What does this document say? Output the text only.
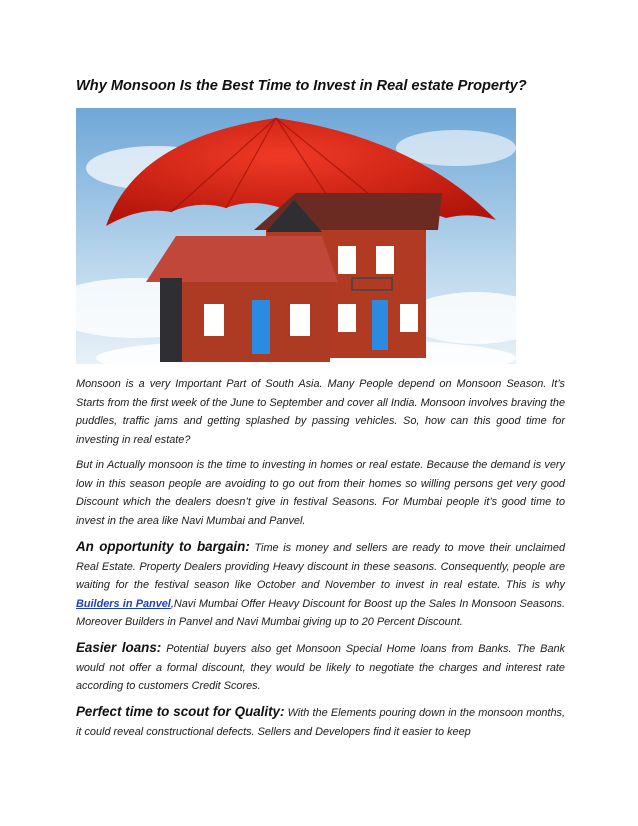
Why Monsoon Is the Best Time to Invest in Real estate Property?

Monsoon is a very Important Part of South Asia. Many People depend on Monsoon Season. It’s Starts from the first week of the June to September and cover all India. Monsoon involves braving the puddles, traffic jams and getting splashed by passing vehicles. So, how can this good time for investing in real estate?

But in Actually monsoon is the time to investing in homes or real estate. Because the demand is very low in this season people are avoiding to go out from their homes so willing persons get very good Discount which the dealers doesn’t give in festival Seasons. For Mumbai people it’s good time to invest in the area like Navi Mumbai and Panvel.

An opportunity to bargain: Time is money and sellers are ready to move their unclaimed Real Estate. Property Dealers providing Heavy discount in these seasons. Consequently, people are waiting for the festival season like October and November to invest in real estate. This is why Builders in Panvel,Navi Mumbai Offer Heavy Discount for Boost up the Sales In Monsoon Seasons. Moreover Builders in Panvel and Navi Mumbai giving up to 20 Percent Discount.

Easier loans: Potential buyers also get Monsoon Special Home loans from Banks. The Bank would not offer a formal discount, they would be likely to negotiate the charges and interest rate according to customers Credit Scores.

Perfect time to scout for Quality: With the Elements pouring down in the monsoon months, it could reveal constructional defects. Sellers and Developers find it easier to keep
